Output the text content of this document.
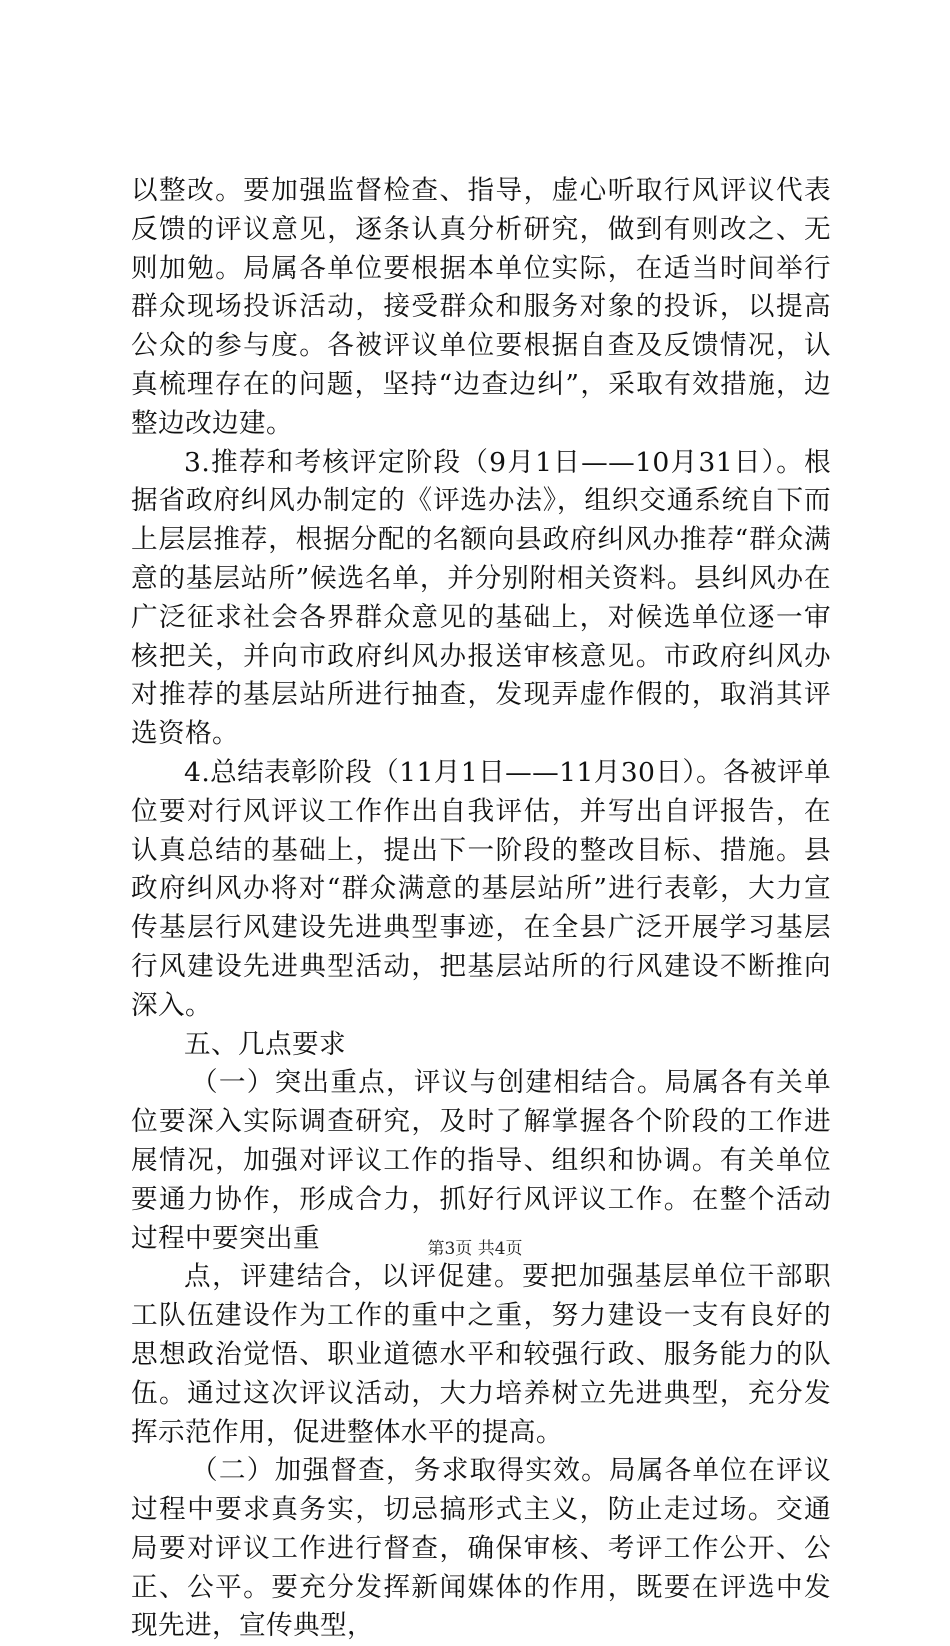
以整改。要加强监督检查、指导，虚心听取行风评议代表反馈的评议意见，逐条认真分析研究，做到有则改之、无则加勉。局属各单位要根据本单位实际，在适当时间举行群众现场投诉活动，接受群众和服务对象的投诉，以提高公众的参与度。各被评议单位要根据自查及反馈情况，认真梳理存在的问题，坚持“边查边纠”，采取有效措施，边整边改边建。

3.推荐和考核评定阶段（9月1日——10月31日）。根据省政府纠风办制定的《评选办法》，组织交通系统自下而上层层推荐，根据分配的名额向县政府纠风办推荐“群众满意的基层站所”候选名单，并分别附相关资料。县纠风办在广泛征求社会各界群众意见的基础上，对候选单位逐一审核把关，并向市政府纠风办报送审核意见。市政府纠风办对推荐的基层站所进行抽查，发现弄虚作假的，取消其评选资格。

4.总结表彰阶段（11月1日——11月30日）。各被评单位要对行风评议工作作出自我评估，并写出自评报告，在认真总结的基础上，提出下一阶段的整改目标、措施。县政府纠风办将对“群众满意的基层站所”进行表彰，大力宣传基层行风建设先进典型事迹，在全县广泛开展学习基层行风建设先进典型活动，把基层站所的行风建设不断推向深入。

五、几点要求

（一）突出重点，评议与创建相结合。局属各有关单位要深入实际调查研究，及时了解掌握各个阶段的工作进展情况，加强对评议工作的指导、组织和协调。有关单位要通力协作，形成合力，抓好行风评议工作。在整个活动过程中要突出重

点，评建结合，以评促建。要把加强基层单位干部职工队伍建设作为工作的重中之重，努力建设一支有良好的思想政治觉悟、职业道德水平和较强行政、服务能力的队伍。通过这次评议活动，大力培养树立先进典型，充分发挥示范作用，促进整体水平的提高。

（二）加强督查，务求取得实效。局属各单位在评议过程中要求真务实，切忌搞形式主义，防止走过场。交通局要对评议工作进行督查，确保审核、考评工作公开、公正、公平。要充分发挥新闻媒体的作用，既要在评选中发现先进，宣传典型，

第3页 共4页
